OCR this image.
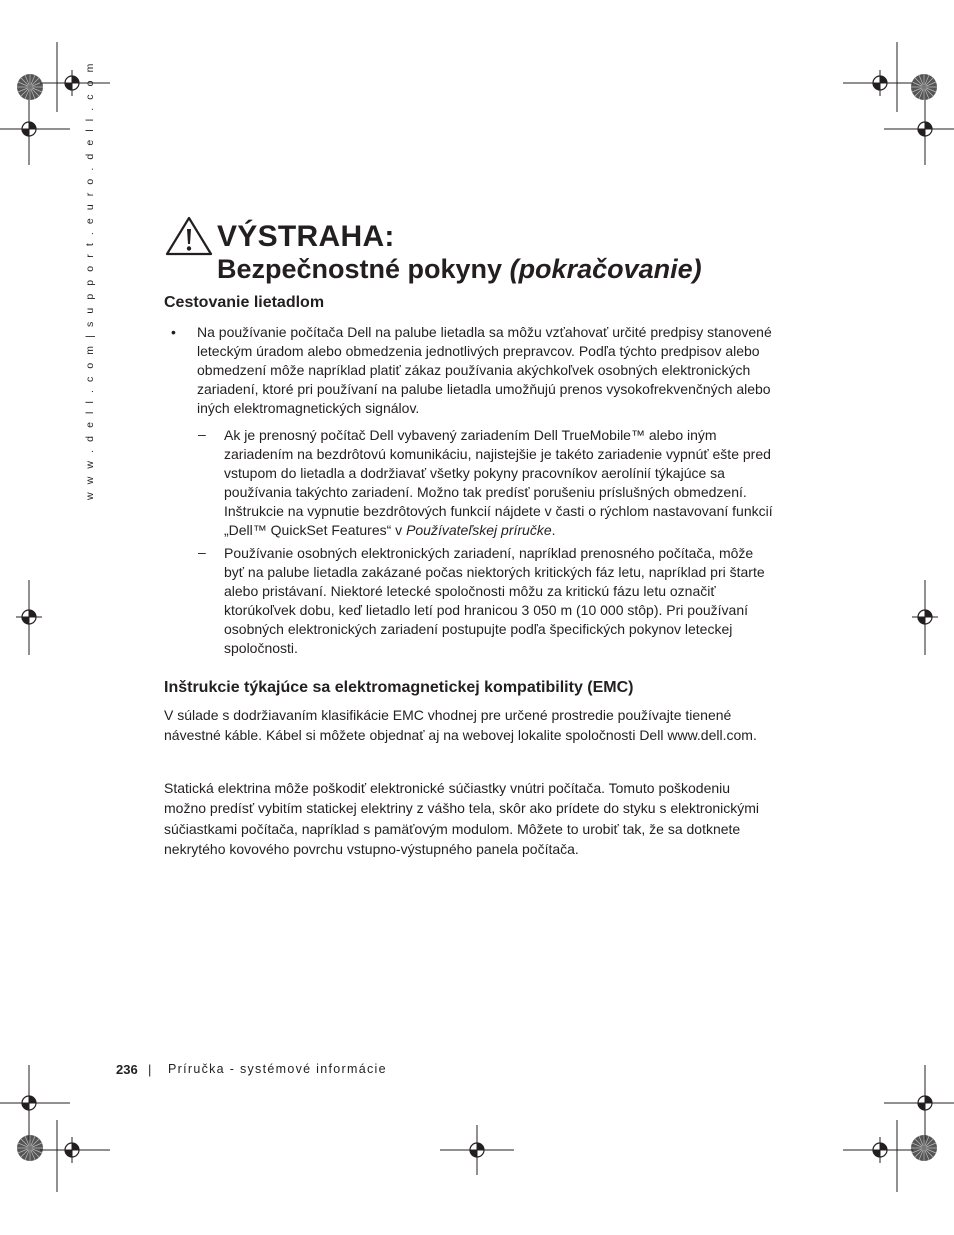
w w w . d e l l . c o m | s u p p o r t . e u r o . d e l l . c o m	VÝSTRAHA:
Bezpečnostné pokyny (pokračovanie)
Cestovanie lietadlom
• Na používanie počítača Dell na palube lietadla sa môžu vzťahovať určité predpisy stanovené leteckým úradom alebo obmedzenia jednotlivých prepravcov. Podľa týchto predpisov alebo obmedzení môže napríklad platiť zákaz používania akýchkoľvek osobných elektronických zariadení, ktoré pri používaní na palube lietadla umožňujú prenos vysokofrekvenčných alebo iných elektromagnetických signálov.
– Ak je prenosný počítač Dell vybavený zariadením Dell TrueMobile™ alebo iným zariadením na bezdrôtovú komunikáciu, najistejšie je takéto zariadenie vypnúť ešte pred vstupom do lietadla a dodržiavať všetky pokyny pracovníkov aerolínií týkajúce sa používania takýchto zariadení. Možno tak predísť porušeniu príslušných obmedzení. Inštrukcie na vypnutie bezdrôtových funkcií nájdete v časti o rýchlom nastavovaní funkcií „Dell™ QuickSet Features“ v Používateľskej príručke.
– Používanie osobných elektronických zariadení, napríklad prenosného počítača, môže byť na palube lietadla zakázané počas niektorých kritických fáz letu, napríklad pri štarte alebo pristávaní. Niektoré letecké spoločnosti môžu za kritickú fázu letu označiť ktorúkoľvek dobu, keď lietadlo letí pod hranicou 3 050 m (10 000 stôp). Pri používaní osobných elektronických zariadení postupujte podľa špecifických pokynov leteckej spoločnosti.
Inštrukcie týkajúce sa elektromagnetickej kompatibility (EMC)
V súlade s dodržiavaním klasifikácie EMC vhodnej pre určené prostredie používajte tienené návestné káble. Kábel si môžete objednať aj na webovej lokalite spoločnosti Dell www.dell.com.
Statická elektrina môže poškodiť elektronické súčiastky vnútri počítača. Tomuto poškodeniu možno predísť vybitím statickej elektriny z vášho tela, skôr ako prídete do styku s elektronickými súčiastkami počítača, napríklad s pamäťovým modulom. Môžete to urobiť tak, že sa dotknete nekrytého kovového povrchu vstupno-výstupného panela počítača.
236 | Príručka - systémové informácie
